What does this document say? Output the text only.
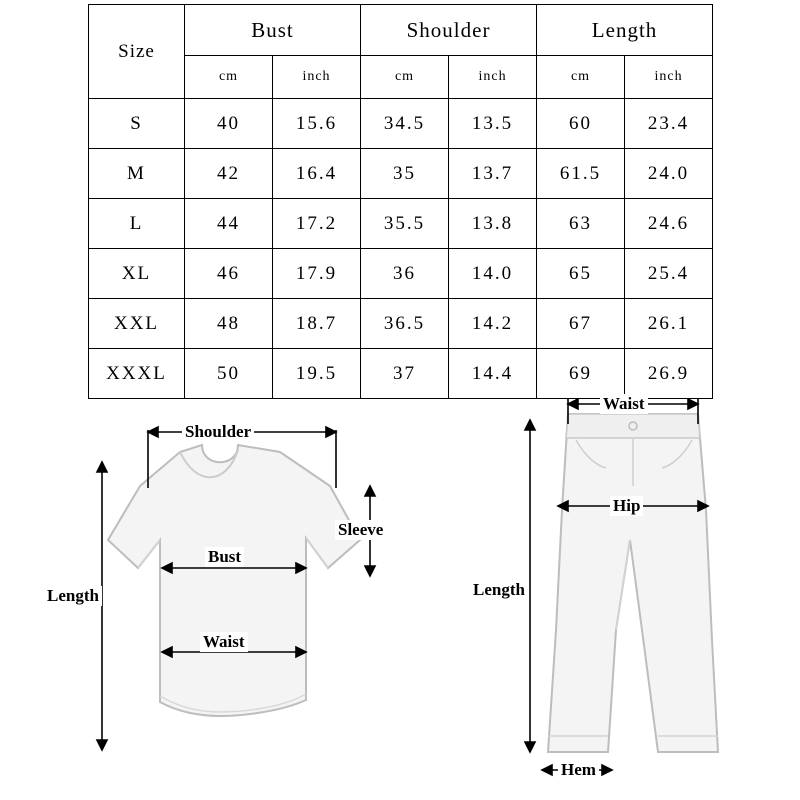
Size	Bust		Shoulder		Length	
	cm	inch	cm	inch	cm	inch
S	40	15.6	34.5	13.5	60	23.4
M	42	16.4	35	13.7	61.5	24.0
L	44	17.2	35.5	13.8	63	24.6
XL	46	17.9	36	14.0	65	25.4
XXL	48	18.7	36.5	14.2	67	26.1
XXXL	50	19.5	37	14.4	69	26.9
Shoulder
Sleeve
Bust
Waist
Length
Waist
Hip
Length
Hem
